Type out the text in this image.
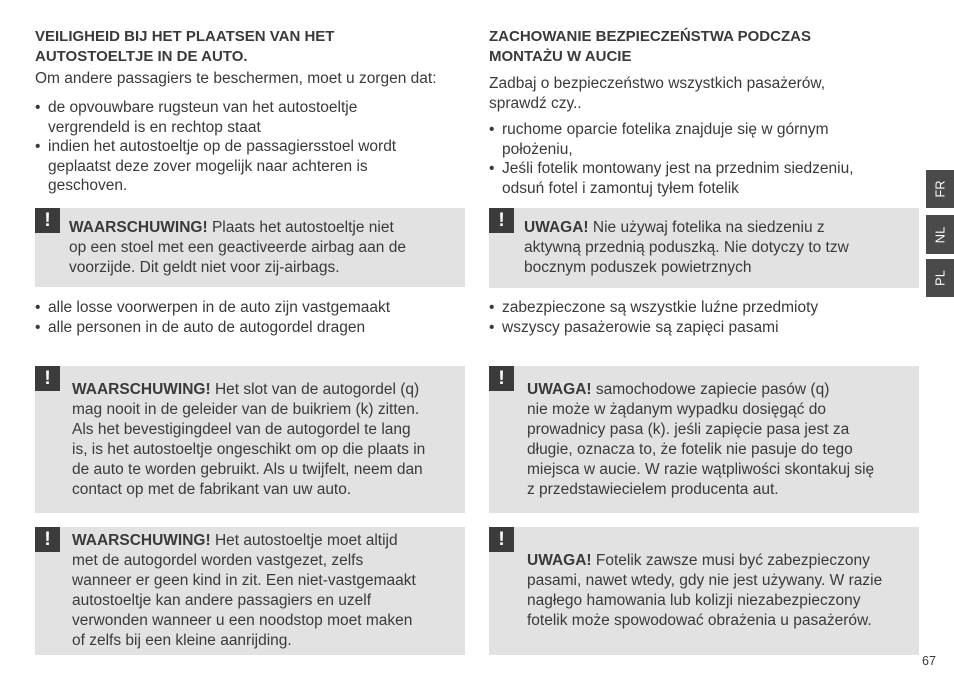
VEILIGHEID BIJ HET PLAATSEN VAN HET
AUTOSTOELTJE IN DE AUTO.
Om andere passagiers te beschermen, moet u zorgen dat:
• de opvouwbare rugsteun van het autostoeltje
vergrendeld is en rechtop staat
• indien het autostoeltje op de passagiersstoel wordt
geplaatst deze zover mogelijk naar achteren is
geschoven.
!	WAARSCHUWING! Plaats het autostoeltje niet
op een stoel met een geactiveerde airbag aan de
voorzijde. Dit geldt niet voor zij-airbags.
• alle losse voorwerpen in de auto zijn vastgemaakt
• alle personen in de auto de autogordel dragen
!
WAARSCHUWING! Het slot van de autogordel (q)
mag nooit in de geleider van de buikriem (k) zitten.
Als het bevestigingdeel van de autogordel te lang
is, is het autostoeltje ongeschikt om op die plaats in
de auto te worden gebruikt. Als u twijfelt, neem dan
contact op met de fabrikant van uw auto.
!	WAARSCHUWING! Het autostoeltje moet altijd
met de autogordel worden vastgezet, zelfs
wanneer er geen kind in zit. Een niet-vastgemaakt
autostoeltje kan andere passagiers en uzelf
verwonden wanneer u een noodstop moet maken
of zelfs bij een kleine aanrijding.
ZACHOWANIE BEZPIECZEŃSTWA PODCZAS
MONTAŻU W AUCIE
Zadbaj o bezpieczeństwo wszystkich pasażerów,
sprawdź czy..
• ruchome oparcie fotelika znajduje się w górnym
położeniu,
• Jeśli fotelik montowany jest na przednim siedzeniu,
odsuń fotel i zamontuj tyłem fotelik
!	UWAGA! Nie używaj fotelika na siedzeniu z
aktywną przednią poduszką. Nie dotyczy to tzw
bocznym poduszek powietrznych
• zabezpieczone są wszystkie luźne przedmioty
• wszyscy pasażerowie są zapięci pasami
!
UWAGA! samochodowe zapiecie pasów (q)
nie może w żądanym wypadku dosięgąć do
prowadnicy pasa (k). jeśli zapięcie pasa jest za
długie, oznacza to, że fotelik nie pasuje do tego
miejsca w aucie. W razie wątpliwości skontakuj się
z przedstawiecielem producenta aut.
!
UWAGA! Fotelik zawsze musi być zabezpieczony
pasami, nawet wtedy, gdy nie jest używany. W razie
nagłego hamowania lub kolizji niezabezpieczony
fotelik może spowodować obrażenia u pasażerów.
FR
NL
PL
67
